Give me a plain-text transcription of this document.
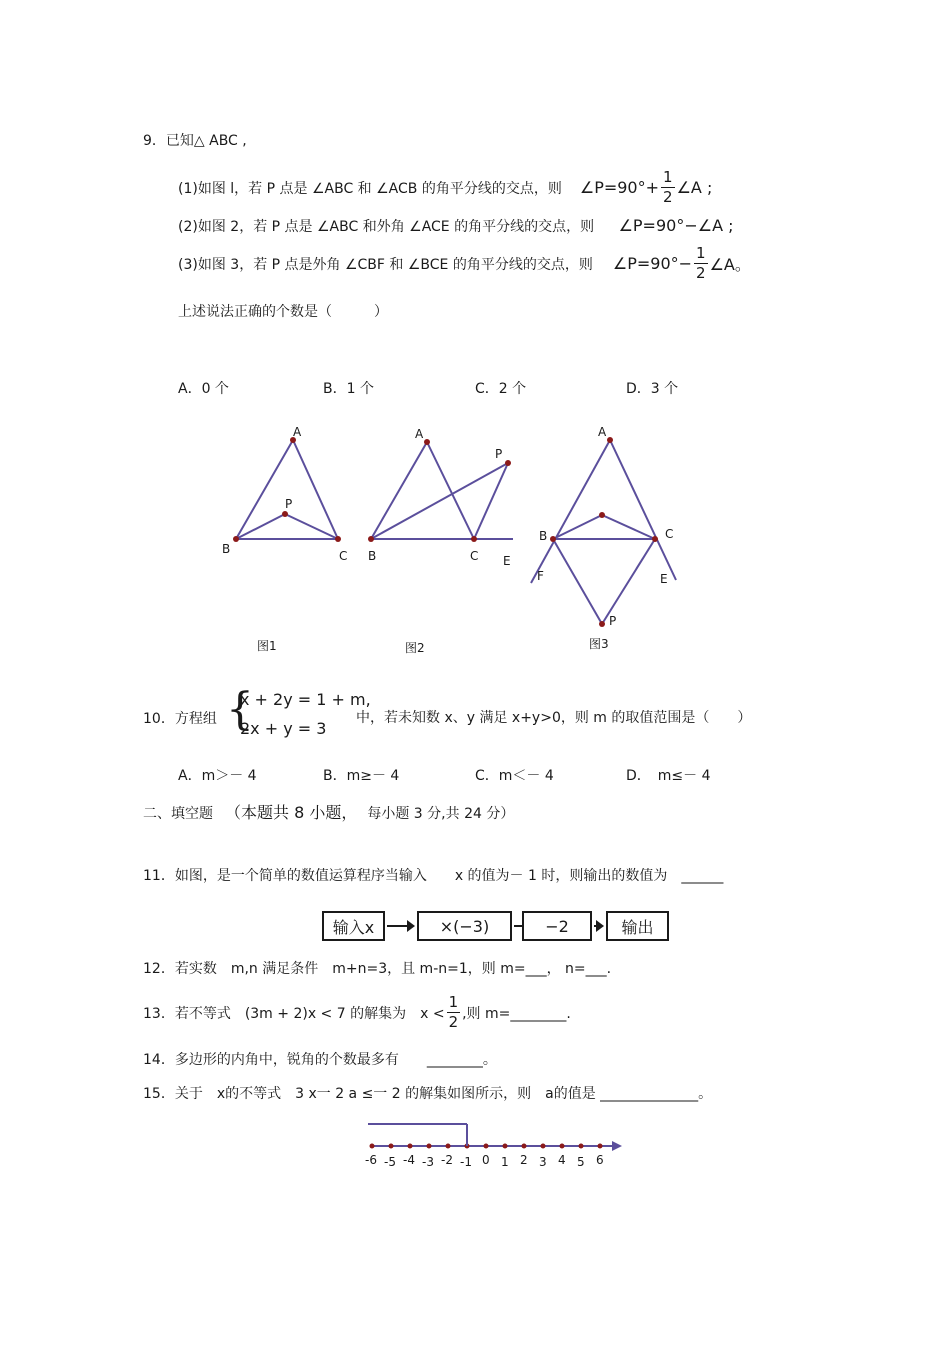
9．已知△ ABC ,
(1)如图 l，若 P 点是 ∠ABC 和 ∠ACB 的角平分线的交点，则 ∠P=90°+ $\frac{1}{2}$ ∠A ;
(2)如图 2，若 P 点是 ∠ABC 和外角 ∠ACE 的角平分线的交点，则 ∠P=90°−∠A ;
(3)如图 3，若 P 点是外角 ∠CBF 和 ∠BCE 的角平分线的交点，则 ∠P=90°− $\frac{1}{2}$ ∠A。
上述说法正确的个数是（　　　）
A．0 个	B．1 个	C．2 个	D．3 个
A
B	C
P
图1
A
B	C
P
E
图2
A
B	C
P
E
F
图3
10．方程组 {
x + 2y = 1 + m,
2x + y = 3
中，若未知数 x、y 满足 x+y>0，则 m 的取值范围是（　　）
A．m＞－ 4	B．m≥－ 4	C．m＜－ 4	D．　m≤－ 4
二、填空题 （本题共 8 小题， 每小题 3 分,共 24 分）
11．如图，是一个简单的数值运算程序当输入　　x 的值为－ 1 时，则输出的数值为　______
输入x	×(−3)	−2	输出
12．若实数　m,n 满足条件　m+n=3，且 m-n=1，则 m=___， n=___.
13．若不等式　(3m + 2)x < 7 的解集为　$x < \frac{1}{2}$ ,则 m=________.
14．多边形的内角中，锐角的个数最多有　　________。
15．关于　x的不等式　3 x一 2 a ≤一 2 的解集如图所示，则　a的值是 ______________。
-6 -5 -4 -3 -2 -1 0 1 2 3 4 5 6
